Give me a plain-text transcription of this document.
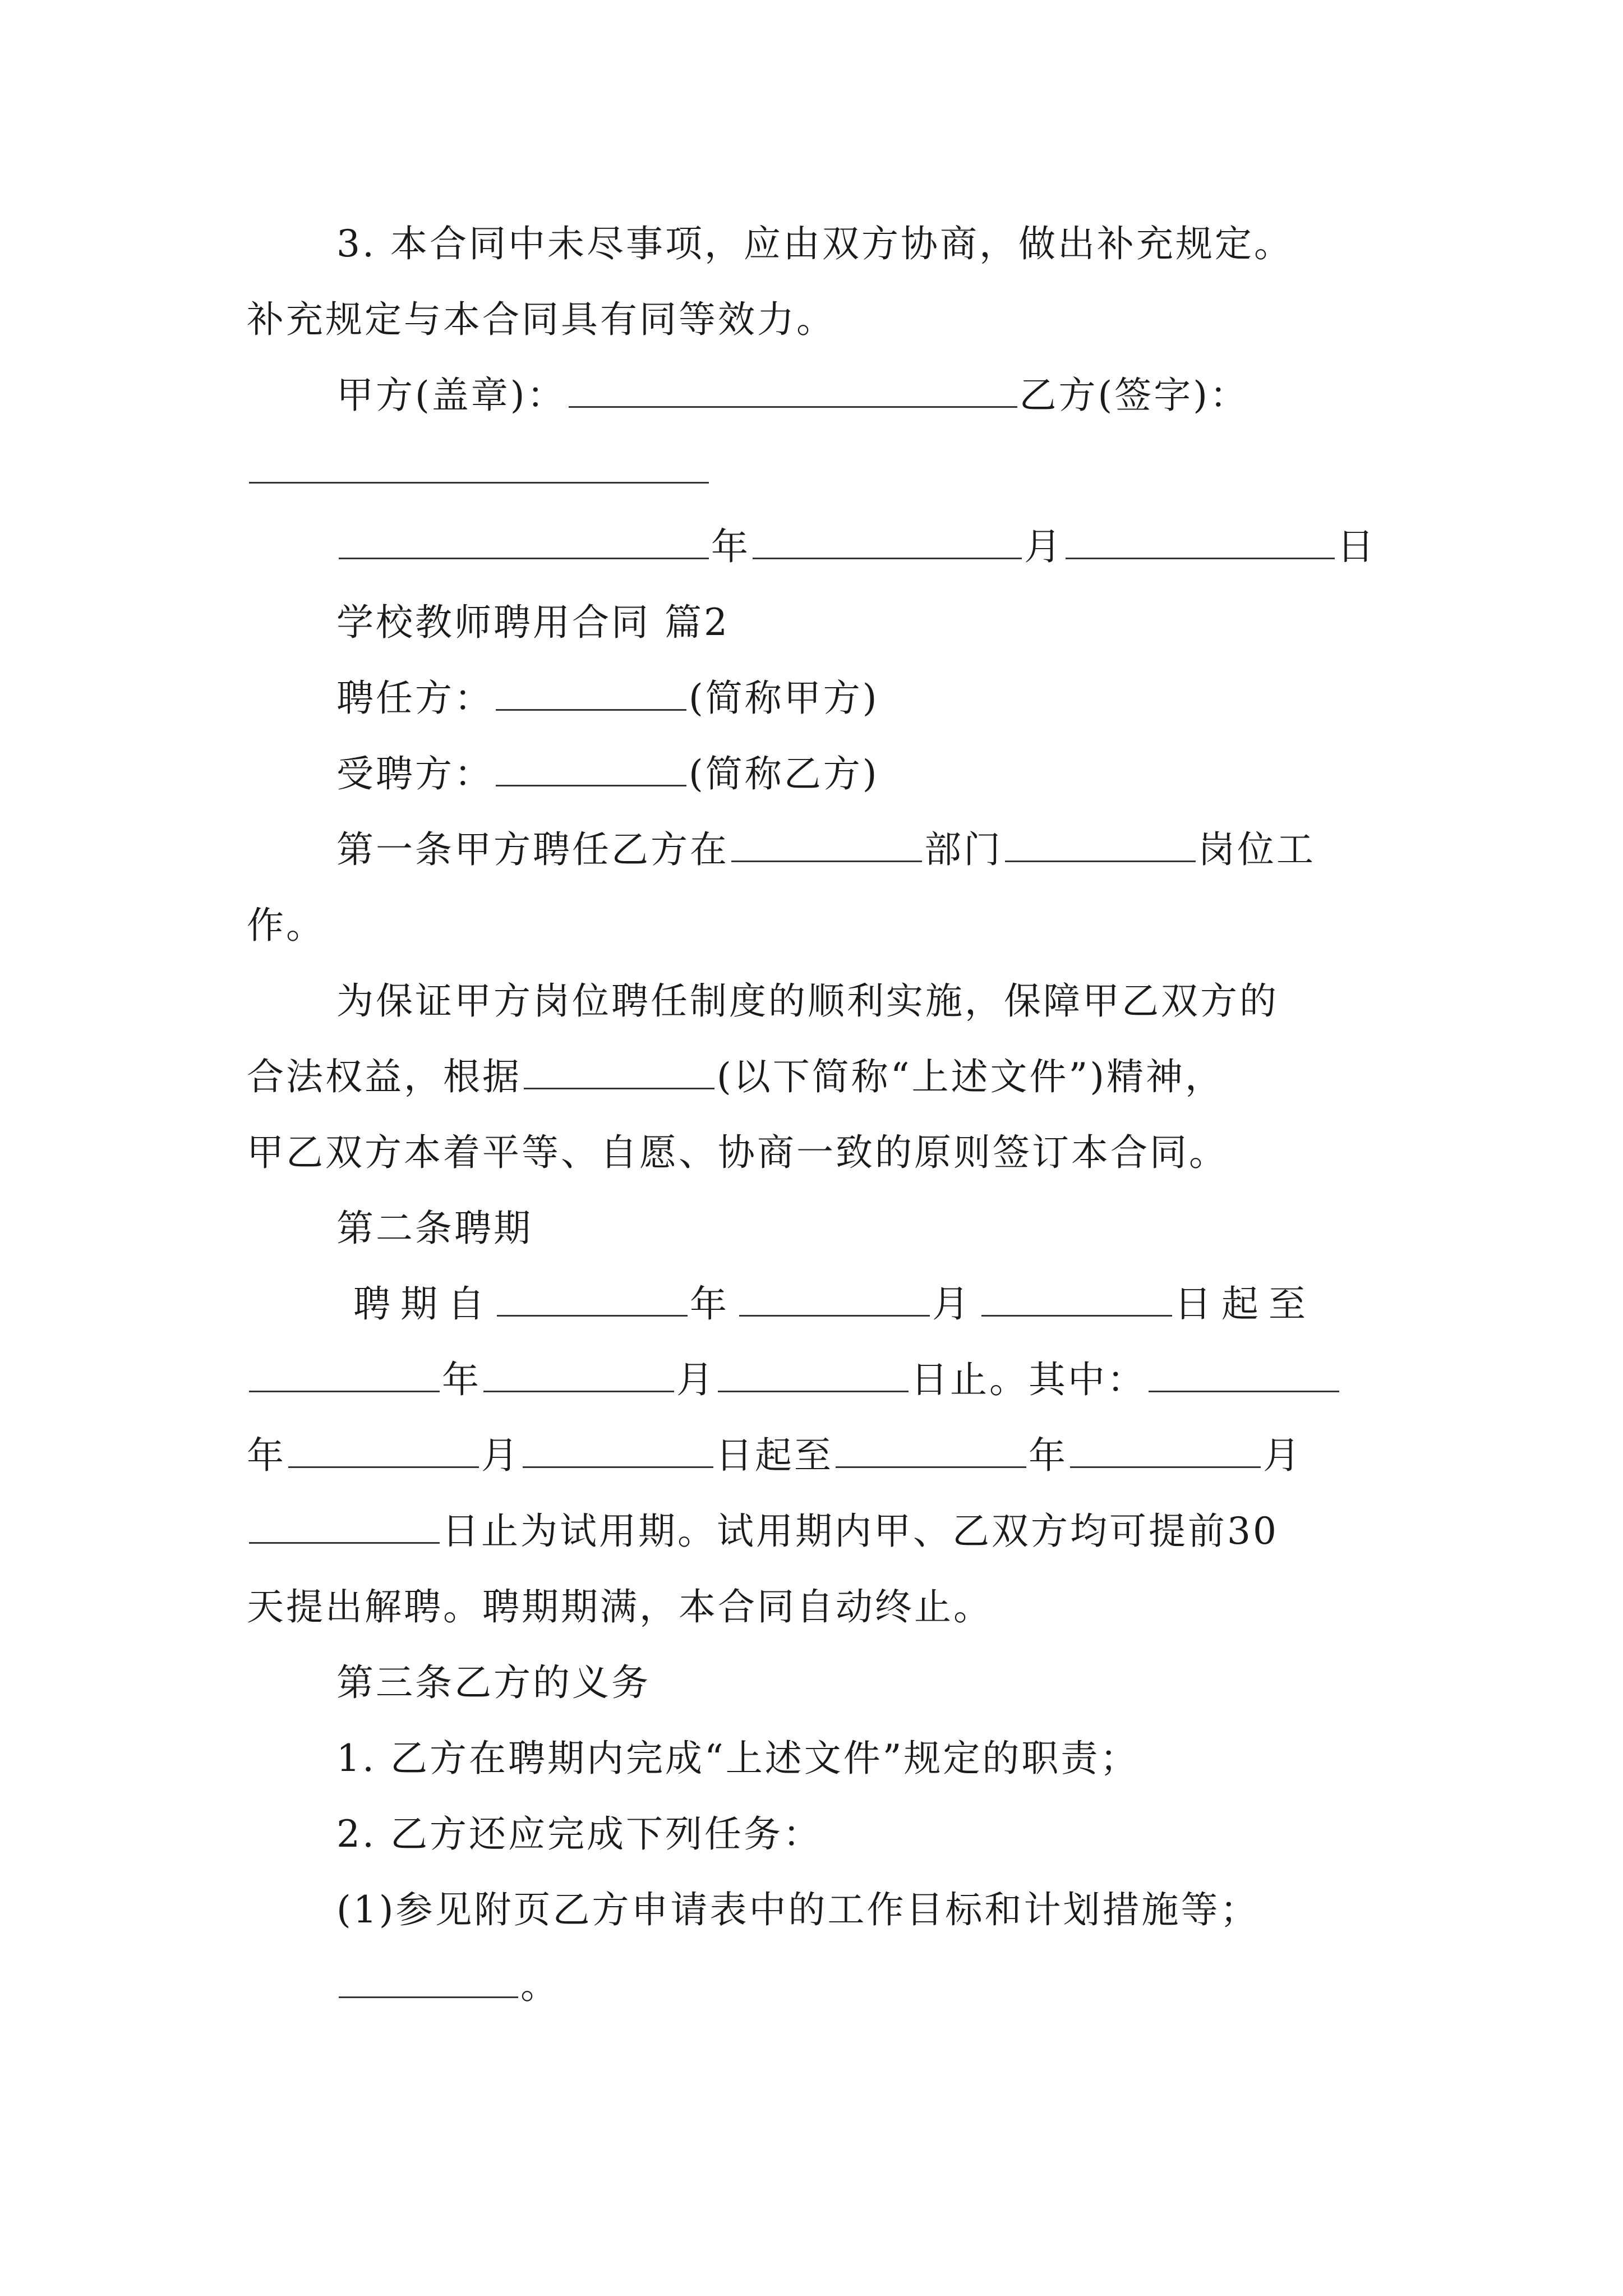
3. 本合同中未尽事项，应由双方协商，做出补充规定。
补充规定与本合同具有同等效力。
甲方(盖章)：	乙方(签字)：
年	月	日
学校教师聘用合同 篇2
聘任方：	(简称甲方)
受聘方：	(简称乙方)
第一条甲方聘任乙方在	部门	岗位工
作。
为保证甲方岗位聘任制度的顺利实施，保障甲乙双方的
合法权益，根据	(以下简称“上述文件”)精神，
甲乙双方本着平等、自愿、协商一致的原则签订本合同。
第二条聘期
聘期自	年	月	日起至
年	月	日止。其中：
年	月	日起至	年	月
日止为试用期。试用期内甲、乙双方均可提前30
天提出解聘。聘期期满，本合同自动终止。
第三条乙方的义务
1. 乙方在聘期内完成“上述文件”规定的职责；
2. 乙方还应完成下列任务：
(1)参见附页乙方申请表中的工作目标和计划措施等；
。
